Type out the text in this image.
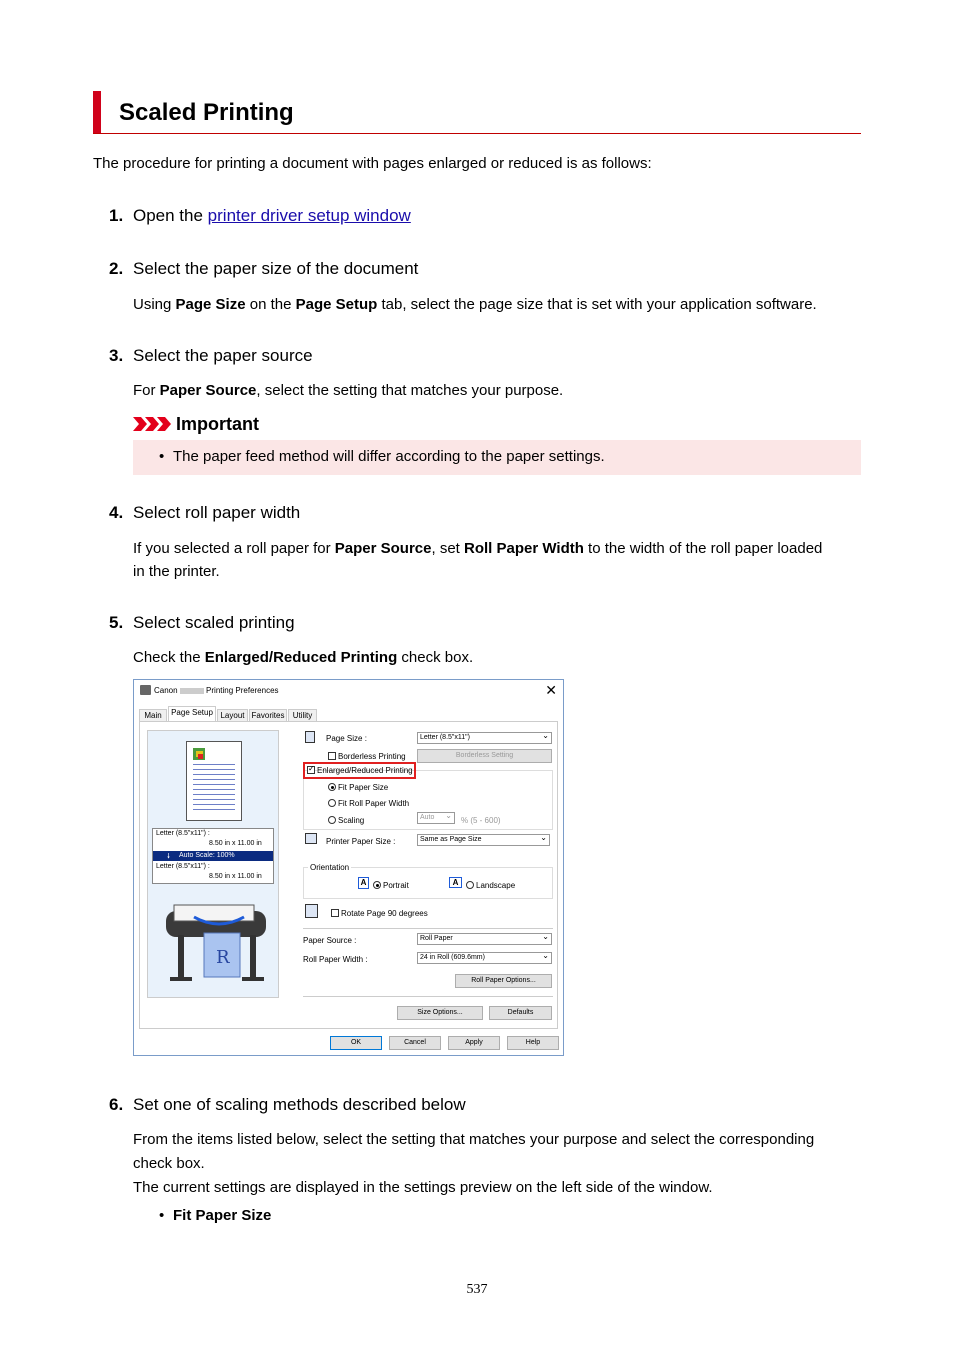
Scaled Printing
The procedure for printing a document with pages enlarged or reduced is as follows:
1. Open the printer driver setup window
2. Select the paper size of the document
Using Page Size on the Page Setup tab, select the page size that is set with your application software.
3. Select the paper source
For Paper Source, select the setting that matches your purpose.
Important
• The paper feed method will differ according to the paper settings.
4. Select roll paper width
If you selected a roll paper for Paper Source, set Roll Paper Width to the width of the roll paper loaded
in the printer.
5. Select scaled printing
Check the Enlarged/Reduced Printing check box.
Canon	Printing Preferences	✕
Main	Page Setup Layout Favorites	Utility
Letter (8.5"x11") :
8.50 in x 11.00 in
🠗 Auto Scale: 100%
Letter (8.5"x11") :
8.50 in x 11.00 in
R
Page Size :	Letter (8.5"x11") ⌄
Borderless Printing	Borderless Setting
✓ Enlarged/Reduced Printing
Fit Paper Size
Fit Roll Paper Width
Scaling	Auto ⌄	% (5 - 600)
Printer Paper Size :	Same as Page Size ⌄
Orientation
A	Portrait	A	Landscape
Rotate Page 90 degrees
Paper Source :	Roll Paper ⌄
Roll Paper Width :	24 in Roll (609.6mm) ⌄
Roll Paper Options...
Size Options...	Defaults
OK	Cancel	Apply	Help
6. Set one of scaling methods described below
From the items listed below, select the setting that matches your purpose and select the corresponding
check box.
The current settings are displayed in the settings preview on the left side of the window.
• Fit Paper Size
537
